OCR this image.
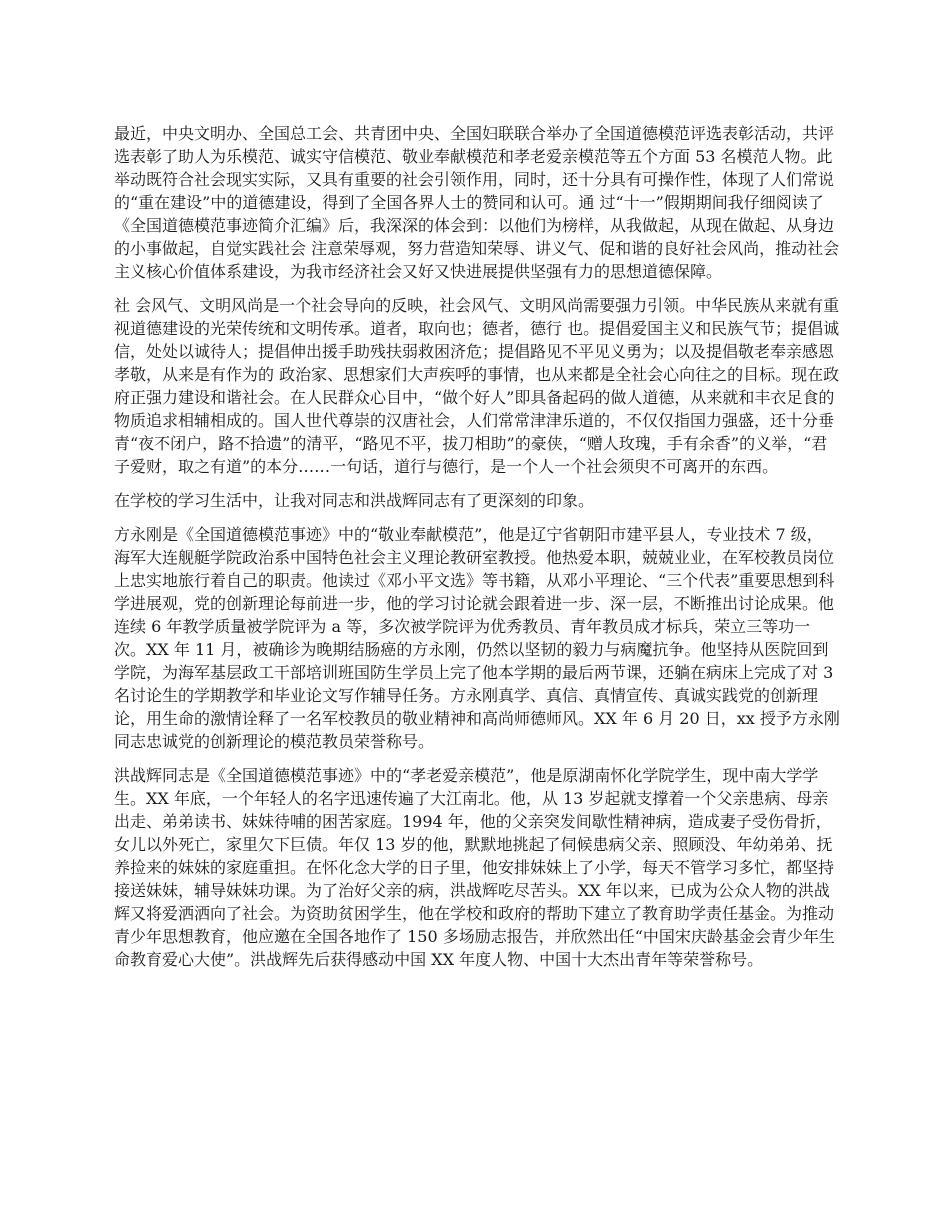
最近，中央文明办、全国总工会、共青团中央、全国妇联联合举办了全国道德模范评选表彰活动，共评选表彰了助人为乐模范、诚实守信模范、敬业奉献模范和孝老爱亲模范等五个方面 53 名模范人物。此举动既符合社会现实实际，又具有重要的社会引领作用，同时，还十分具有可操作性，体现了人们常说的“重在建设”中的道德建设，得到了全国各界人士的赞同和认可。通 过“十一”假期期间我仔细阅读了《全国道德模范事迹简介汇编》后，我深深的体会到：以他们为榜样，从我做起，从现在做起、从身边的小事做起，自觉实践社会 注意荣辱观，努力营造知荣辱、讲义气、促和谐的良好社会风尚，推动社会主义核心价值体系建设，为我市经济社会又好又快进展提供坚强有力的思想道德保障。

社 会风气、文明风尚是一个社会导向的反映，社会风气、文明风尚需要强力引领。中华民族从来就有重视道德建设的光荣传统和文明传承。道者，取向也；德者，德行 也。提倡爱国主义和民族气节；提倡诚信，处处以诚待人；提倡伸出援手助残扶弱救困济危；提倡路见不平见义勇为；以及提倡敬老奉亲感恩孝敬，从来是有作为的 政治家、思想家们大声疾呼的事情，也从来都是全社会心向往之的目标。现在政府正强力建设和谐社会。在人民群众心目中，“做个好人”即具备起码的做人道德，从来就和丰衣足食的物质追求相辅相成的。国人世代尊崇的汉唐社会，人们常常津津乐道的，不仅仅指国力强盛，还十分垂青“夜不闭户，路不拾遗”的清平，“路见不平，拔刀相助”的豪侠，“赠人玫瑰，手有余香”的义举，“君子爱财，取之有道”的本分……一句话，道行与德行，是一个人一个社会须臾不可离开的东西。

在学校的学习生活中，让我对同志和洪战辉同志有了更深刻的印象。

方永刚是《全国道德模范事迹》中的“敬业奉献模范”，他是辽宁省朝阳市建平县人，专业技术 7 级， 海军大连舰艇学院政治系中国特色社会主义理论教研室教授。他热爱本职，兢兢业业，在军校教员岗位上忠实地旅行着自己的职责。他读过《邓小平文选》等书籍，从邓小平理论、“三个代表”重要思想到科学进展观，党的创新理论每前进一步，他的学习讨论就会跟着进一步、深一层，不断推出讨论成果。他连续 6 年教学质量被学院评为 a 等，多次被学院评为优秀教员、青年教员成才标兵，荣立三等功一次。XX 年 11 月，被确诊为晚期结肠癌的方永刚，仍然以坚韧的毅力与病魔抗争。他坚持从医院回到学院，为海军基层政工干部培训班国防生学员上完了他本学期的最后两节课，还躺在病床上完成了对 3 名讨论生的学期教学和毕业论文写作辅导任务。方永刚真学、真信、真情宣传、真诚实践党的创新理论，用生命的激情诠释了一名军校教员的敬业精神和高尚师德师风。XX 年 6 月 20 日，xx 授予方永刚同志忠诚党的创新理论的模范教员荣誉称号。

洪战辉同志是《全国道德模范事迹》中的“孝老爱亲模范”，他是原湖南怀化学院学生，现中南大学学生。XX 年底，一个年轻人的名字迅速传遍了大江南北。他，从 13 岁起就支撑着一个父亲患病、母亲出走、弟弟读书、妹妹待哺的困苦家庭。1994 年，他的父亲突发间歇性精神病，造成妻子受伤骨折，女儿以外死亡，家里欠下巨债。年仅 13 岁的他，默默地挑起了伺候患病父亲、照顾没、年幼弟弟、抚养捡来的妹妹的家庭重担。在怀化念大学的日子里，他安排妹妹上了小学，每天不管学习多忙，都坚持接送妹妹，辅导妹妹功课。为了治好父亲的病，洪战辉吃尽苦头。XX 年以来，已成为公众人物的洪战辉又将爱洒洒向了社会。为资助贫困学生，他在学校和政府的帮助下建立了教育助学责任基金。为推动青少年思想教育，他应邀在全国各地作了 150 多场励志报告，并欣然出任“中国宋庆龄基金会青少年生命教育爱心大使”。洪战辉先后获得感动中国 XX 年度人物、中国十大杰出青年等荣誉称号。
